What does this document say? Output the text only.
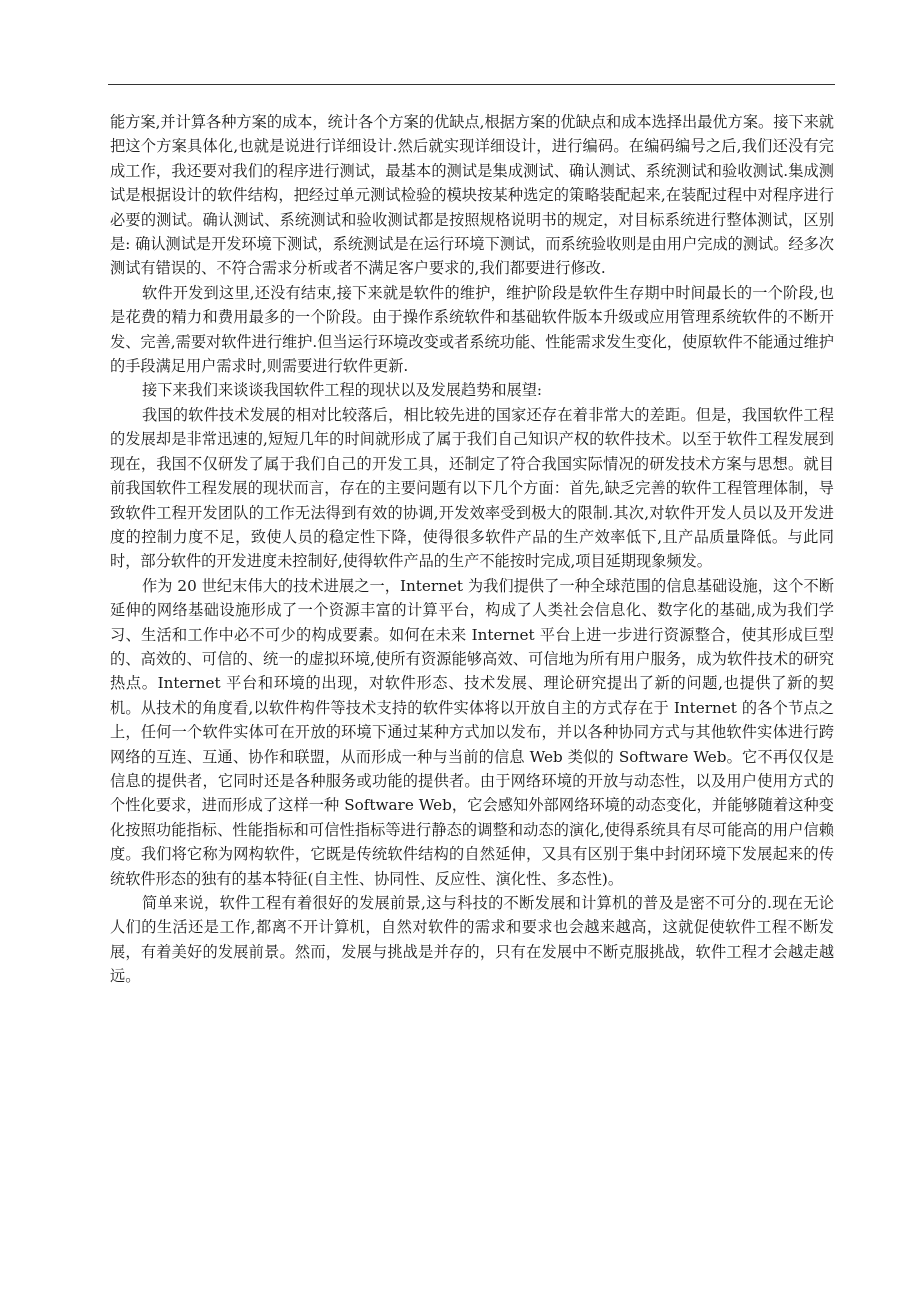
能方案,并计算各种方案的成本，统计各个方案的优缺点,根据方案的优缺点和成本选择出最优方案。接下来就把这个方案具体化,也就是说进行详细设计.然后就实现详细设计，进行编码。在编码编号之后,我们还没有完成工作，我还要对我们的程序进行测试，最基本的测试是集成测试、确认测试、系统测试和验收测试.集成测试是根据设计的软件结构，把经过单元测试检验的模块按某种选定的策略装配起来,在装配过程中对程序进行必要的测试。确认测试、系统测试和验收测试都是按照规格说明书的规定，对目标系统进行整体测试，区别是: 确认测试是开发环境下测试，系统测试是在运行环境下测试，而系统验收则是由用户完成的测试。经多次测试有错误的、不符合需求分析或者不满足客户要求的,我们都要进行修改.

软件开发到这里,还没有结束,接下来就是软件的维护，维护阶段是软件生存期中时间最长的一个阶段,也是花费的精力和费用最多的一个阶段。由于操作系统软件和基础软件版本升级或应用管理系统软件的不断开发、完善,需要对软件进行维护.但当运行环境改变或者系统功能、性能需求发生变化，使原软件不能通过维护的手段满足用户需求时,则需要进行软件更新.

接下来我们来谈谈我国软件工程的现状以及发展趋势和展望:

我国的软件技术发展的相对比较落后，相比较先进的国家还存在着非常大的差距。但是，我国软件工程的发展却是非常迅速的,短短几年的时间就形成了属于我们自己知识产权的软件技术。以至于软件工程发展到现在，我国不仅研发了属于我们自己的开发工具，还制定了符合我国实际情况的研发技术方案与思想。就目前我国软件工程发展的现状而言，存在的主要问题有以下几个方面：首先,缺乏完善的软件工程管理体制，导致软件工程开发团队的工作无法得到有效的协调,开发效率受到极大的限制.其次,对软件开发人员以及开发进度的控制力度不足，致使人员的稳定性下降，使得很多软件产品的生产效率低下,且产品质量降低。与此同时，部分软件的开发进度未控制好,使得软件产品的生产不能按时完成,项目延期现象频发。

作为 20 世纪末伟大的技术进展之一，Internet 为我们提供了一种全球范围的信息基础设施，这个不断延伸的网络基础设施形成了一个资源丰富的计算平台，构成了人类社会信息化、数字化的基础,成为我们学习、生活和工作中必不可少的构成要素。如何在未来 Internet 平台上进一步进行资源整合，使其形成巨型的、高效的、可信的、统一的虚拟环境,使所有资源能够高效、可信地为所有用户服务，成为软件技术的研究热点。Internet 平台和环境的出现，对软件形态、技术发展、理论研究提出了新的问题,也提供了新的契机。从技术的角度看,以软件构件等技术支持的软件实体将以开放自主的方式存在于 Internet 的各个节点之上，任何一个软件实体可在开放的环境下通过某种方式加以发布，并以各种协同方式与其他软件实体进行跨网络的互连、互通、协作和联盟，从而形成一种与当前的信息 Web 类似的 Software Web。它不再仅仅是信息的提供者，它同时还是各种服务或功能的提供者。由于网络环境的开放与动态性，以及用户使用方式的个性化要求，进而形成了这样一种 Software Web，它会感知外部网络环境的动态变化，并能够随着这种变化按照功能指标、性能指标和可信性指标等进行静态的调整和动态的演化,使得系统具有尽可能高的用户信赖度。我们将它称为网构软件，它既是传统软件结构的自然延伸，又具有区别于集中封闭环境下发展起来的传统软件形态的独有的基本特征(自主性、协同性、反应性、演化性、多态性)。

简单来说，软件工程有着很好的发展前景,这与科技的不断发展和计算机的普及是密不可分的.现在无论人们的生活还是工作,都离不开计算机，自然对软件的需求和要求也会越来越高，这就促使软件工程不断发展，有着美好的发展前景。然而，发展与挑战是并存的，只有在发展中不断克服挑战，软件工程才会越走越远。
